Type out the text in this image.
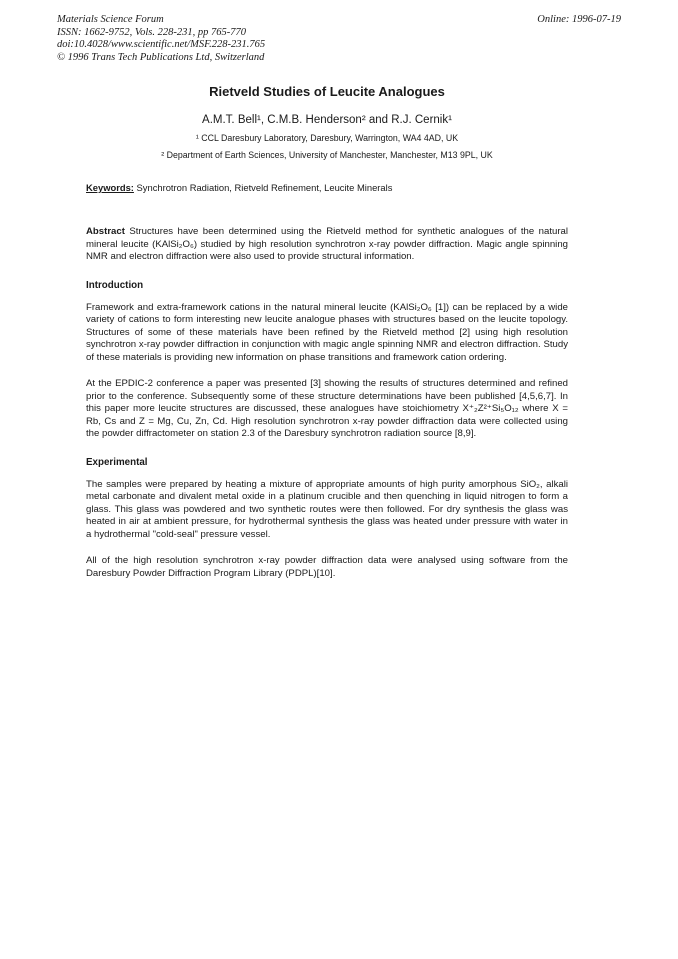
Materials Science Forum
ISSN: 1662-9752, Vols. 228-231, pp 765-770
doi:10.4028/www.scientific.net/MSF.228-231.765
© 1996 Trans Tech Publications Ltd, Switzerland
Online: 1996-07-19
Rietveld Studies of Leucite Analogues
A.M.T. Bell¹, C.M.B. Henderson² and R.J. Cernik¹
¹ CCL Daresbury Laboratory, Daresbury, Warrington, WA4 4AD, UK
² Department of Earth Sciences, University of Manchester, Manchester, M13 9PL, UK

Keywords: Synchrotron Radiation, Rietveld Refinement, Leucite Minerals

Abstract Structures have been determined using the Rietveld method for synthetic analogues of the natural mineral leucite (KAlSi₂O₆) studied by high resolution synchrotron x-ray powder diffraction. Magic angle spinning NMR and electron diffraction were also used to provide structural information.

Introduction

Framework and extra-framework cations in the natural mineral leucite (KAlSi₂O₆ [1]) can be replaced by a wide variety of cations to form interesting new leucite analogue phases with structures based on the leucite topology. Structures of some of these materials have been refined by the Rietveld method [2] using high resolution synchrotron x-ray powder diffraction in conjunction with magic angle spinning NMR and electron diffraction. Study of these materials is providing new information on phase transitions and framework cation ordering.

At the EPDIC-2 conference a paper was presented [3] showing the results of structures determined and refined prior to the conference. Subsequently some of these structure determinations have been published [4,5,6,7]. In this paper more leucite structures are discussed, these analogues have stoichiometry X⁺₂Z²⁺Si₅O₁₂ where X = Rb, Cs and Z = Mg, Cu, Zn, Cd. High resolution synchrotron x-ray powder diffraction data were collected using the powder diffractometer on station 2.3 of the Daresbury synchrotron radiation source [8,9].

Experimental

The samples were prepared by heating a mixture of appropriate amounts of high purity amorphous SiO₂, alkali metal carbonate and divalent metal oxide in a platinum crucible and then quenching in liquid nitrogen to form a glass. This glass was powdered and two synthetic routes were then followed. For dry synthesis the glass was heated in air at ambient pressure, for hydrothermal synthesis the glass was heated under pressure with water in a hydrothermal "cold-seal" pressure vessel.

All of the high resolution synchrotron x-ray powder diffraction data were analysed using software from the Daresbury Powder Diffraction Program Library (PDPL)[10].
